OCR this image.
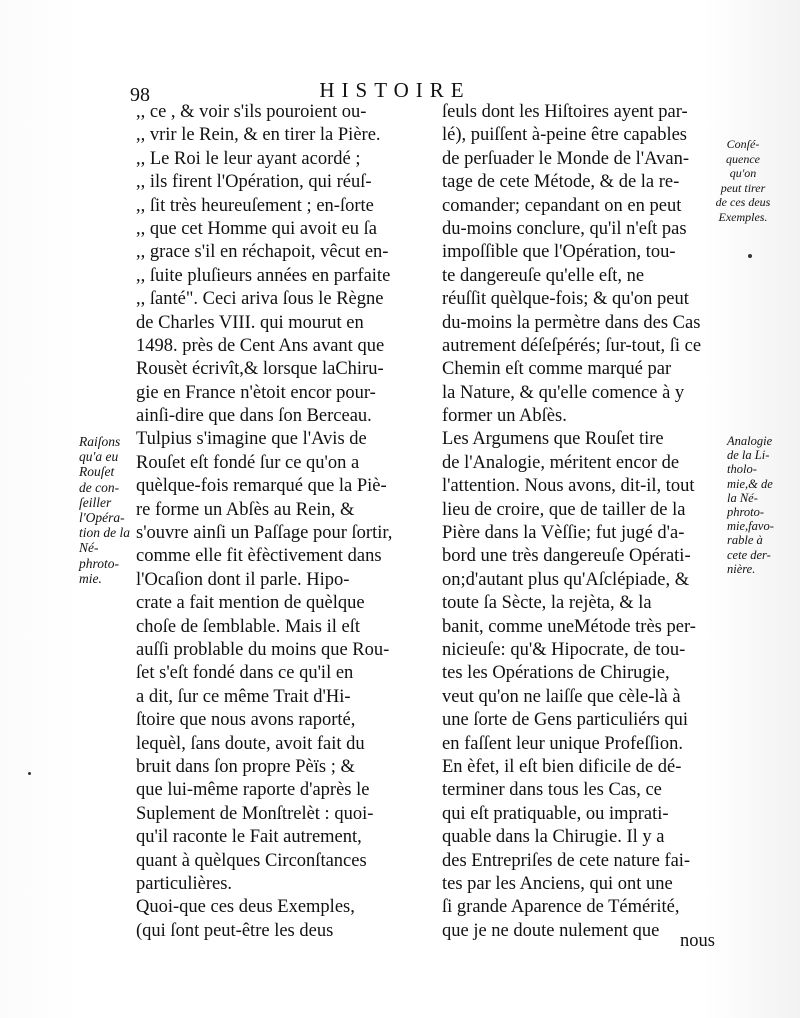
98	HISTOIRE
,, ce , & voir s'ils pouroient ou-
,, vrir le Rein, & en tirer la Pière.
,, Le Roi le leur ayant acordé ;
,, ils firent l'Opération, qui réuſ-
,, ſit très heureuſement ; en-ſorte
,, que cet Homme qui avoit eu ſa
,, grace s'il en réchapoit, vêcut en-
,, ſuite pluſieurs années en parfaite
,, ſanté". Ceci ariva ſous le Règne
de Charles VIII. qui mourut en
1498. près de Cent Ans avant que
Rousèt écrivît,& lorsque laChiru-
gie en France n'ètoit encor pour-
ainſi-dire que dans ſon Berceau.
Tulpius s'imagine que l'Avis de
Rouſet eſt fondé ſur ce qu'on a
quèlque-fois remarqué que la Piè-
re forme un Abſès au Rein, &
s'ouvre ainſi un Paſſage pour ſortir,
comme elle fit èfèctivement dans
l'Ocaſion dont il parle. Hipo-
crate a fait mention de quèlque
choſe de ſemblable. Mais il eſt
auſſi problable du moins que Rou-
ſet s'eſt fondé dans ce qu'il en
a dit, ſur ce même Trait d'Hi-
ſtoire que nous avons raporté,
lequèl, ſans doute, avoit fait du
bruit dans ſon propre Pèïs ; &
que lui-même raporte d'après le
Suplement de Monſtrelèt : quoi-
qu'il raconte le Fait autrement,
quant à quèlques Circonſtances
particulières.
Quoi-que ces deus Exemples,
(qui ſont peut-être les deus
ſeuls dont les Hiſtoires ayent par-
lé), puiſſent à-peine être capables
de perſuader le Monde de l'Avan-
tage de cete Métode, & de la re-
comander; cepandant on en peut
du-moins conclure, qu'il n'eſt pas
impoſſible que l'Opération, tou-
te dangereuſe qu'elle eſt, ne
réuſſit quèlque-fois; & qu'on peut
du-moins la permètre dans des Cas
autrement déſeſpérés; ſur-tout, ſi ce
Chemin eſt comme marqué par
la Nature, & qu'elle comence à y
former un Abſès.
Les Argumens que Rouſet tire
de l'Analogie, méritent encor de
l'attention. Nous avons, dit-il, tout
lieu de croire, que de tailler de la
Pière dans la Vèſſie; fut jugé d'a-
bord une très dangereuſe Opérati-
on;d'autant plus qu'Aſclépiade, &
toute ſa Sècte, la rejèta, & la
banit, comme uneMétode très per-
nicieuſe: qu'& Hipocrate, de tou-
tes les Opérations de Chirugie,
veut qu'on ne laiſſe que cèle-là à
une ſorte de Gens particuliérs qui
en faſſent leur unique Profeſſion.
En èfet, il eſt bien dificile de dé-
terminer dans tous les Cas, ce
qui eſt pratiquable, ou imprati-
quable dans la Chirugie. Il y a
des Entrepriſes de cete nature fai-
tes par les Anciens, qui ont une
ſi grande Aparence de Témérité,
que je ne doute nulement que
Raiſons
qu'a eu
Rouſet
de con-
ſeiller
l'Opéra-
tion de la
Né-
phroto-
mie.
Conſé-
quence
qu'on
peut tirer
de ces deus
Exemples.
Analogie
de la Li-
tholo-
mie,& de
la Né-
phroto-
mie,favo-
rable à
cete der-
nière.
nous
